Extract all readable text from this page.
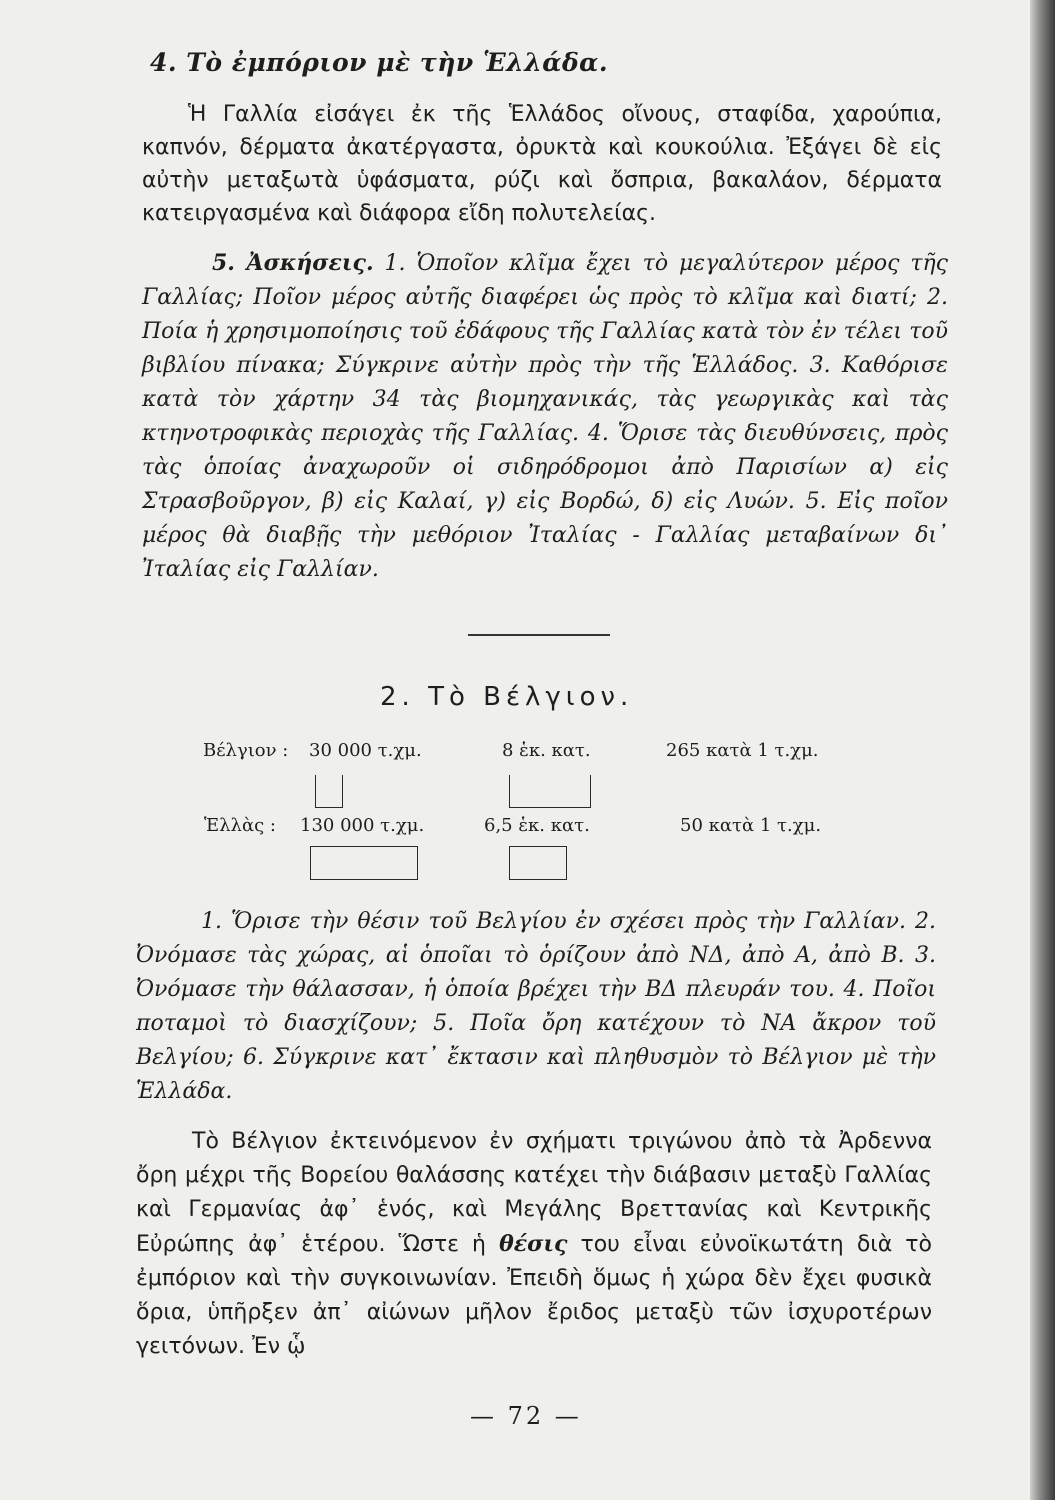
4. Τὸ ἐμπόριον μὲ τὴν Ἑλλάδα.
Ἡ Γαλλία εἰσάγει ἐκ τῆς Ἑλλάδος οἴνους, σταφίδα, χαρούπια, καπνόν, δέρματα ἀκατέργαστα, ὀρυκτὰ καὶ κουκούλια. Ἐξάγει δὲ εἰς αὐτὴν μεταξωτὰ ὑφάσματα, ρύζι καὶ ὄσπρια, βακαλάον, δέρματα κατειργασμένα καὶ διάφορα εἴδη πολυτελείας.
5. Ἀσκήσεις. 1. Ὁποῖον κλῖμα ἔχει τὸ μεγαλύτερον μέρος τῆς Γαλλίας; Ποῖον μέρος αὐτῆς διαφέρει ὡς πρὸς τὸ κλῖμα καὶ διατί; 2. Ποία ἡ χρησιμοποίησις τοῦ ἐδάφους τῆς Γαλλίας κατὰ τὸν ἐν τέλει τοῦ βιβλίου πίνακα; Σύγκρινε αὐτὴν πρὸς τὴν τῆς Ἑλλάδος. 3. Καθόρισε κατὰ τὸν χάρτην 34 τὰς βιομηχανικάς, τὰς γεωργικὰς καὶ τὰς κτηνοτροφικὰς περιοχὰς τῆς Γαλλίας. 4. Ὅρισε τὰς διευθύνσεις, πρὸς τὰς ὁποίας ἀναχωροῦν οἱ σιδηρόδρομοι ἀπὸ Παρισίων α) εἰς Στρασβοῦργον, β) εἰς Καλαί, γ) εἰς Βορδώ, δ) εἰς Λυών. 5. Εἰς ποῖον μέρος θὰ διαβῇς τὴν μεθόριον Ἰταλίας - Γαλλίας μεταβαίνων δι᾽ Ἰταλίας εἰς Γαλλίαν.
2. Τὸ Βέλγιον.
Βέλγιον : 30 000 τ.χμ.	8 ἑκ. κατ.	265 κατὰ 1 τ.χμ.
Ἑλλὰς : 130 000 τ.χμ.	6,5 ἑκ. κατ.	50 κατὰ 1 τ.χμ.
1. Ὅρισε τὴν θέσιν τοῦ Βελγίου ἐν σχέσει πρὸς τὴν Γαλλίαν. 2. Ὀνόμασε τὰς χώρας, αἱ ὁποῖαι τὸ ὁρίζουν ἀπὸ ΝΔ, ἀπὸ Α, ἀπὸ Β. 3. Ὀνόμασε τὴν θάλασσαν, ἡ ὁποία βρέχει τὴν ΒΔ πλευράν του. 4. Ποῖοι ποταμοὶ τὸ διασχίζουν; 5. Ποῖα ὄρη κατέχουν τὸ ΝΑ ἄκρον τοῦ Βελγίου; 6. Σύγκρινε κατ᾽ ἔκτασιν καὶ πληθυσμὸν τὸ Βέλγιον μὲ τὴν Ἑλλάδα.
Τὸ Βέλγιον ἐκτεινόμενον ἐν σχήματι τριγώνου ἀπὸ τὰ Ἀρδεννα ὄρη μέχρι τῆς Βορείου θαλάσσης κατέχει τὴν διάβασιν μεταξὺ Γαλλίας καὶ Γερμανίας ἀφ᾽ ἑνός, καὶ Μεγάλης Βρεττανίας καὶ Κεντρικῆς Εὐρώπης ἀφ᾽ ἑτέρου. Ὥστε ἡ θέσις του εἶναι εὐνοϊκωτάτη διὰ τὸ ἐμπόριον καὶ τὴν συγκοινωνίαν. Ἐπειδὴ ὅμως ἡ χώρα δὲν ἔχει φυσικὰ ὅρια, ὑπῆρξεν ἀπ᾽ αἰώνων μῆλον ἔριδος μεταξὺ τῶν ἰσχυροτέρων γειτόνων. Ἐν ᾧ
— 72 —
